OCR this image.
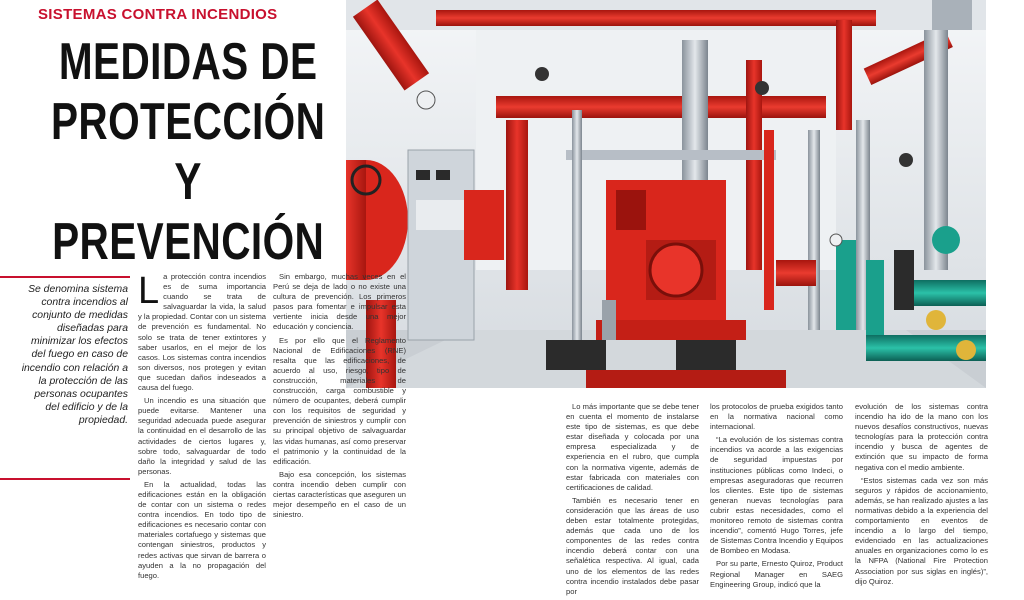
SISTEMAS CONTRA INCENDIOS
MEDIDAS DE
PROTECCIÓN Y
PREVENCIÓN

Se denomina sistema contra incendios al conjunto de medidas diseñadas para minimizar los efectos del fuego en caso de incendio con relación a la protección de las personas ocupantes del edificio y de la propiedad.

La protección contra incendios es de suma importancia cuando se trata de salvaguardar la vida, la salud y la propiedad. Contar con un sistema de prevención es fundamental. No solo se trata de tener extintores y saber usarlos, en el mejor de los casos. Los sistemas contra incendios son diversos, nos protegen y evitan que sucedan daños indeseados a causa del fuego.

Un incendio es una situación que puede evitarse. Mantener una seguridad adecuada puede asegurar la continuidad en el desarrollo de las actividades de ciertos lugares y, sobre todo, salvaguardar de todo daño la integridad y salud de las personas.

En la actualidad, todas las edificaciones están en la obligación de contar con un sistema o redes contra incendios. En todo tipo de edificaciones es necesario contar con materiales cortafuego y sistemas que contengan siniestros, productos y redes activas que sirvan de barrera o ayuden a la no propagación del fuego.

Sin embargo, muchas veces en el Perú se deja de lado o no existe una cultura de prevención. Los primeros pasos para fomentar e impulsar esta vertiente inicia desde una mejor educación y conciencia.

Es por ello que el Reglamento Nacional de Edificaciones (RNE) resalta que las edificaciones, de acuerdo al uso, riesgo, tipo de construcción, materiales de construcción, carga combustible y número de ocupantes, deberá cumplir con los requisitos de seguridad y prevención de siniestros y cumplir con su principal objetivo de salvaguardar las vidas humanas, así como preservar el patrimonio y la continuidad de la edificación.

Bajo esa concepción, los sistemas contra incendio deben cumplir con ciertas características que aseguren un mejor desempeño en el caso de un siniestro.

Lo más importante que se debe tener en cuenta el momento de instalarse este tipo de sistemas, es que debe estar diseñada y colocada por una empresa especializada y de experiencia en el rubro, que cumpla con la normativa vigente, además de estar fabricada con materiales con certificaciones de calidad.

También es necesario tener en consideración que las áreas de uso deben estar totalmente protegidas, además que cada uno de los componentes de las redes contra incendio deberá contar con una señalética respectiva. Al igual, cada uno de los elementos de las redes contra incendio instalados debe pasar por

los protocolos de prueba exigidos tanto en la normativa nacional como internacional.

“La evolución de los sistemas contra incendios va acorde a las exigencias de seguridad impuestas por instituciones públicas como Indeci, o empresas aseguradoras que recurren los clientes. Este tipo de sistemas generan nuevas tecnologías para cubrir estas necesidades, como el monitoreo remoto de sistemas contra incendio”, comentó Hugo Torres, jefe de Sistemas Contra Incendio y Equipos de Bombeo en Modasa.

Por su parte, Ernesto Quiroz, Product Regional Manager en SAEG Engineering Group, indicó que la

evolución de los sistemas contra incendio ha ido de la mano con los nuevos desafíos constructivos, nuevas tecnologías para la protección contra incendio y busca de agentes de extinción que su impacto de forma negativa con el medio ambiente.

“Estos sistemas cada vez son más seguros y rápidos de accionamiento, además, se han realizado ajustes a las normativas debido a la experiencia del comportamiento en eventos de incendio a lo largo del tiempo, evidenciado en las actualizaciones anuales en organizaciones como lo es la NFPA (National Fire Protection Association por sus siglas en inglés)”, dijo Quiroz.
